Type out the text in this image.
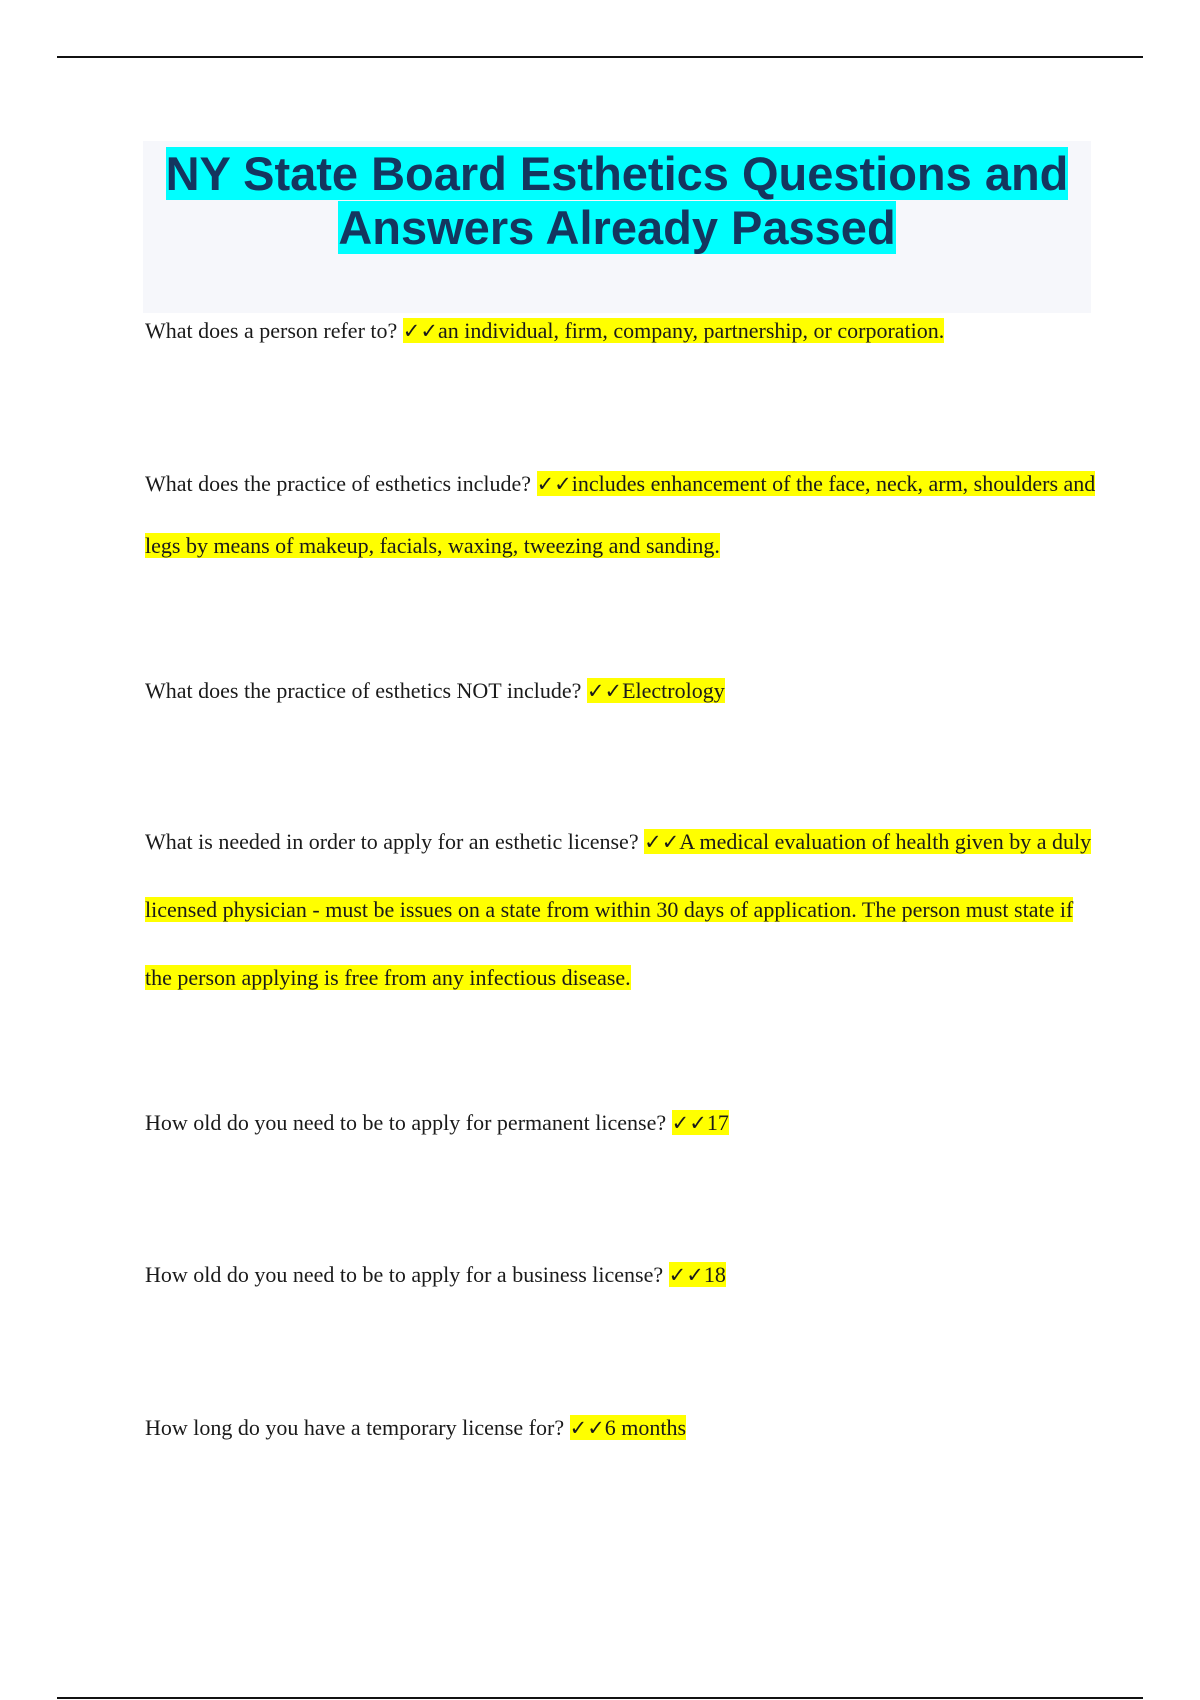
NY State Board Esthetics Questions and Answers Already Passed

What does a person refer to? ✓✓an individual, firm, company, partnership, or corporation.

What does the practice of esthetics include? ✓✓includes enhancement of the face, neck, arm, shoulders and legs by means of makeup, facials, waxing, tweezing and sanding.

What does the practice of esthetics NOT include? ✓✓Electrology

What is needed in order to apply for an esthetic license? ✓✓A medical evaluation of health given by a duly licensed physician - must be issues on a state from within 30 days of application. The person must state if the person applying is free from any infectious disease.

How old do you need to be to apply for permanent license? ✓✓17

How old do you need to be to apply for a business license? ✓✓18

How long do you have a temporary license for? ✓✓6 months
